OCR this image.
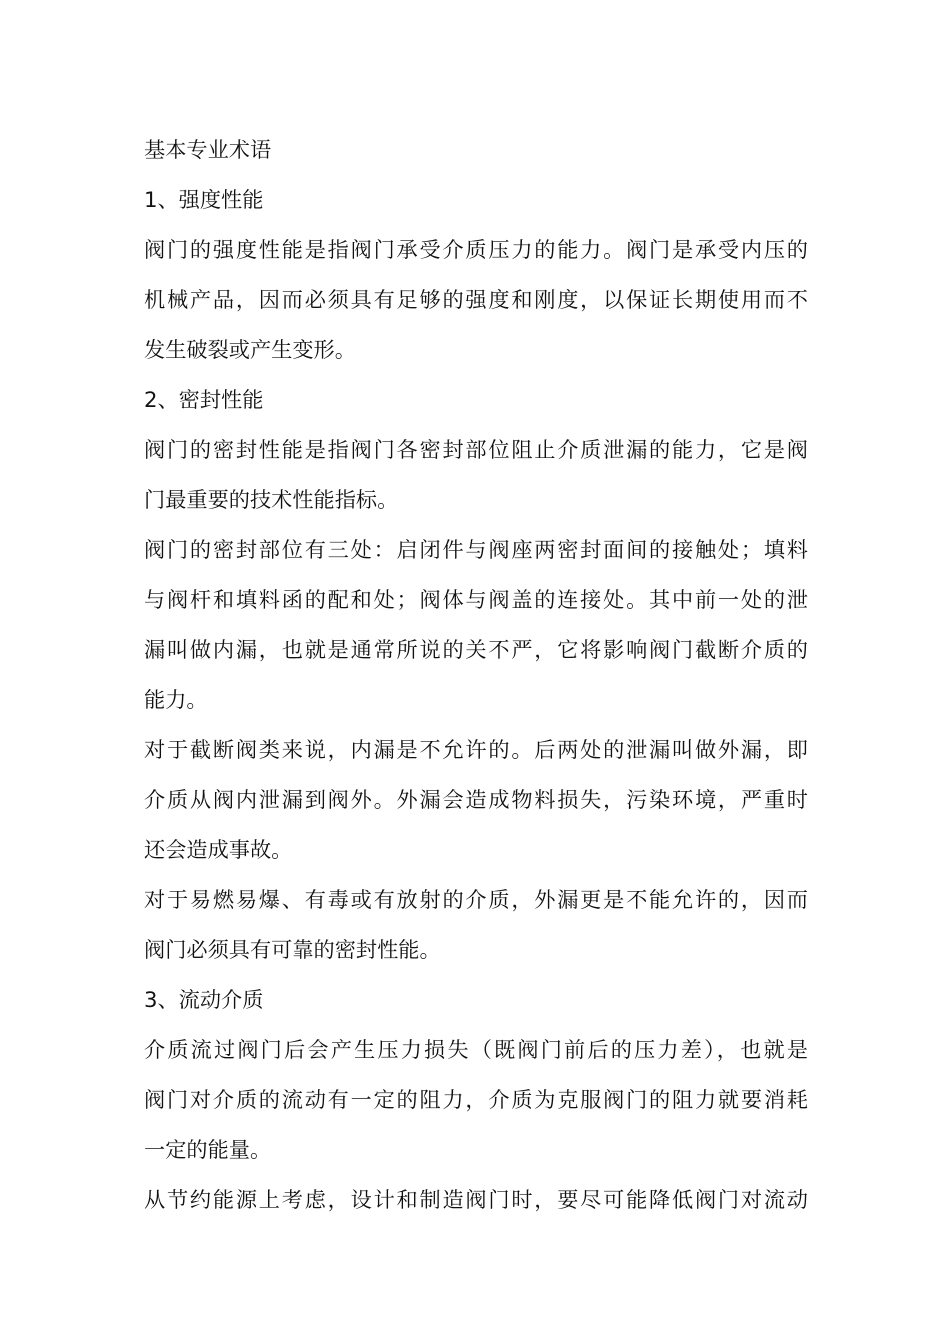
基本专业术语
1、强度性能
阀门的强度性能是指阀门承受介质压力的能力。阀门是承受内压的
机械产品，因而必须具有足够的强度和刚度，以保证长期使用而不
发生破裂或产生变形。
2、密封性能
阀门的密封性能是指阀门各密封部位阻止介质泄漏的能力，它是阀
门最重要的技术性能指标。
阀门的密封部位有三处：启闭件与阀座两密封面间的接触处；填料
与阀杆和填料函的配和处；阀体与阀盖的连接处。其中前一处的泄
漏叫做内漏，也就是通常所说的关不严，它将影响阀门截断介质的
能力。
对于截断阀类来说，内漏是不允许的。后两处的泄漏叫做外漏，即
介质从阀内泄漏到阀外。外漏会造成物料损失，污染环境，严重时
还会造成事故。
对于易燃易爆、有毒或有放射的介质，外漏更是不能允许的，因而
阀门必须具有可靠的密封性能。
3、流动介质
介质流过阀门后会产生压力损失（既阀门前后的压力差），也就是
阀门对介质的流动有一定的阻力，介质为克服阀门的阻力就要消耗
一定的能量。
从节约能源上考虑，设计和制造阀门时，要尽可能降低阀门对流动
